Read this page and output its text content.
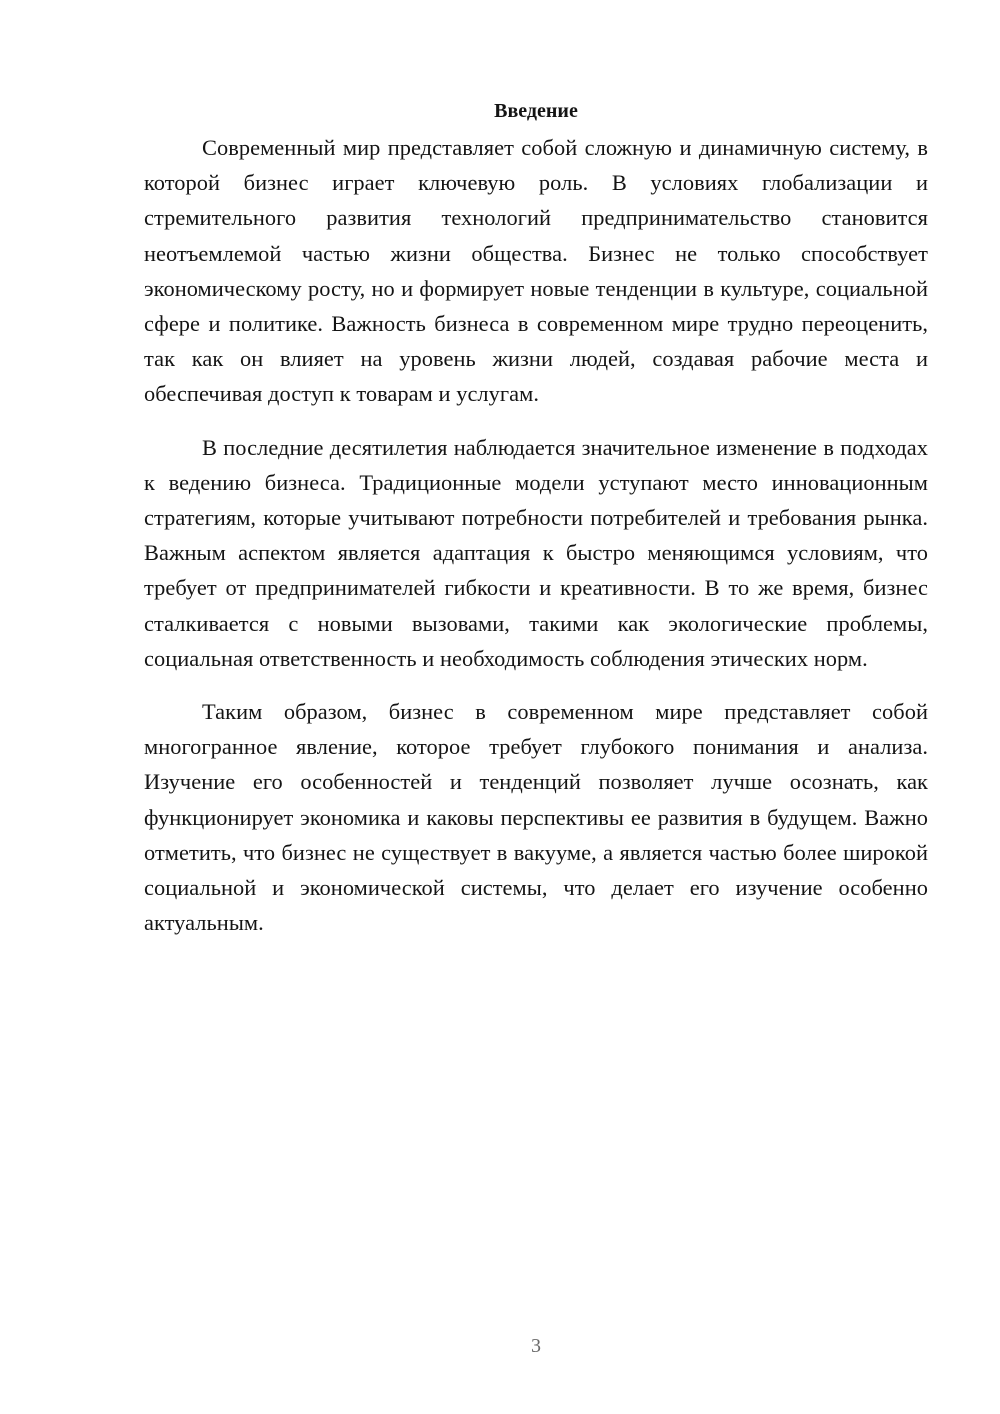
Введение

Современный мир представляет собой сложную и динамичную систему, в которой бизнес играет ключевую роль. В условиях глобализации и стремительного развития технологий предпринимательство становится неотъемлемой частью жизни общества. Бизнес не только способствует экономическому росту, но и формирует новые тенденции в культуре, социальной сфере и политике. Важность бизнеса в современном мире трудно переоценить, так как он влияет на уровень жизни людей, создавая рабочие места и обеспечивая доступ к товарам и услугам.

В последние десятилетия наблюдается значительное изменение в подходах к ведению бизнеса. Традиционные модели уступают место инновационным стратегиям, которые учитывают потребности потребителей и требования рынка. Важным аспектом является адаптация к быстро меняющимся условиям, что требует от предпринимателей гибкости и креативности. В то же время, бизнес сталкивается с новыми вызовами, такими как экологические проблемы, социальная ответственность и необходимость соблюдения этических норм.

Таким образом, бизнес в современном мире представляет собой многогранное явление, которое требует глубокого понимания и анализа. Изучение его особенностей и тенденций позволяет лучше осознать, как функционирует экономика и каковы перспективы ее развития в будущем. Важно отметить, что бизнес не существует в вакууме, а является частью более широкой социальной и экономической системы, что делает его изучение особенно актуальным.

3
